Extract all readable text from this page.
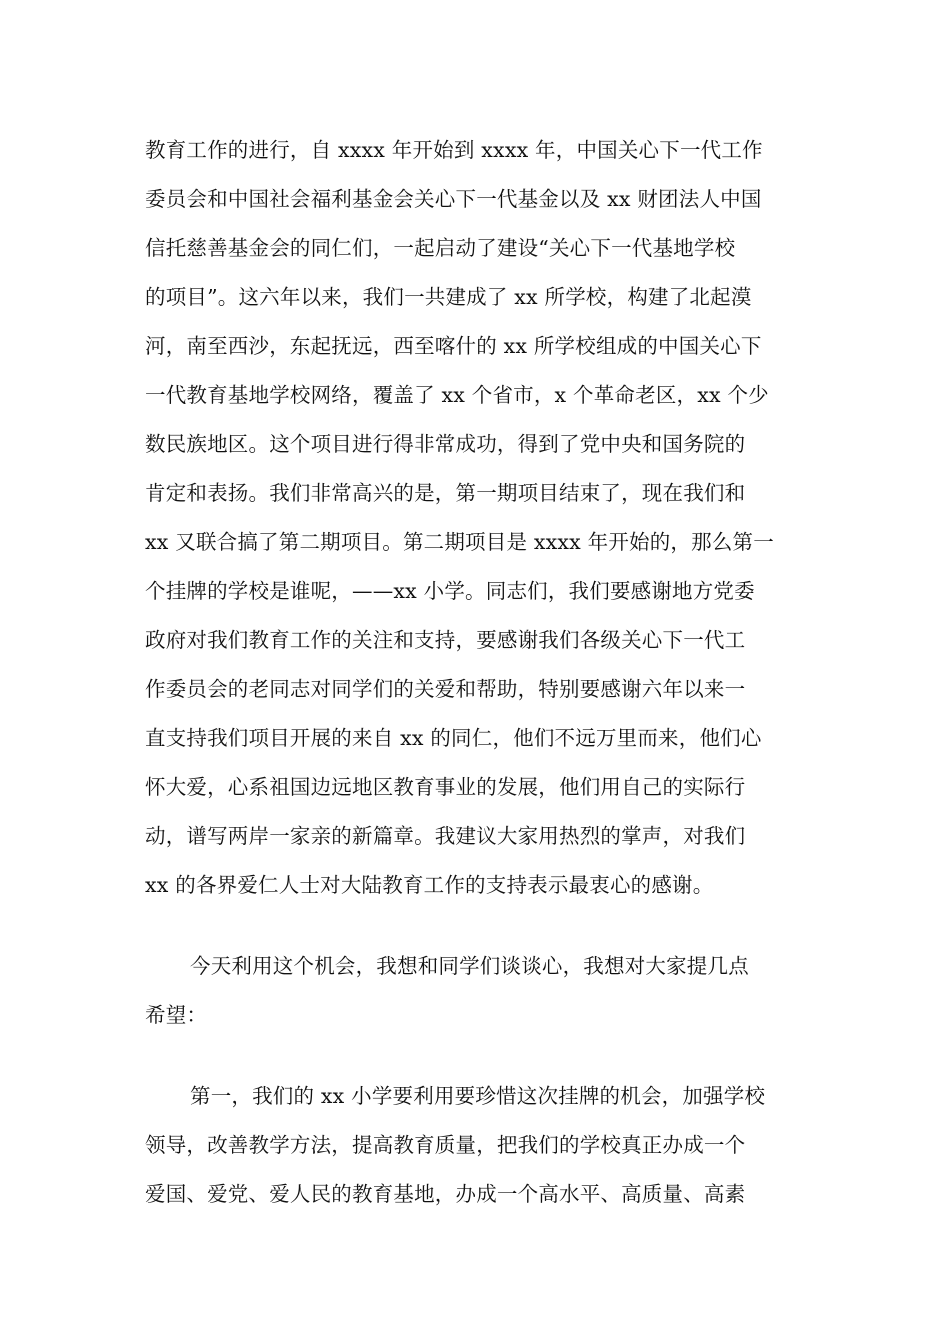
教育工作的进行，自 xxxx 年开始到 xxxx 年，中国关心下一代工作
委员会和中国社会福利基金会关心下一代基金以及 xx 财团法人中国
信托慈善基金会的同仁们，一起启动了建设“关心下一代基地学校
的项目”。这六年以来，我们一共建成了 xx 所学校，构建了北起漠
河，南至西沙，东起抚远，西至喀什的 xx 所学校组成的中国关心下
一代教育基地学校网络，覆盖了 xx 个省市，x 个革命老区，xx 个少
数民族地区。这个项目进行得非常成功，得到了党中央和国务院的
肯定和表扬。我们非常高兴的是，第一期项目结束了，现在我们和
xx 又联合搞了第二期项目。第二期项目是 xxxx 年开始的，那么第一
个挂牌的学校是谁呢，——xx 小学。同志们，我们要感谢地方党委
政府对我们教育工作的关注和支持，要感谢我们各级关心下一代工
作委员会的老同志对同学们的关爱和帮助，特别要感谢六年以来一
直支持我们项目开展的来自 xx 的同仁，他们不远万里而来，他们心
怀大爱，心系祖国边远地区教育事业的发展，他们用自己的实际行
动，谱写两岸一家亲的新篇章。我建议大家用热烈的掌声，对我们
xx 的各界爱仁人士对大陆教育工作的支持表示最衷心的感谢。
今天利用这个机会，我想和同学们谈谈心，我想对大家提几点
希望：
第一，我们的 xx 小学要利用要珍惜这次挂牌的机会，加强学校
领导，改善教学方法，提高教育质量，把我们的学校真正办成一个
爱国、爱党、爱人民的教育基地，办成一个高水平、高质量、高素
